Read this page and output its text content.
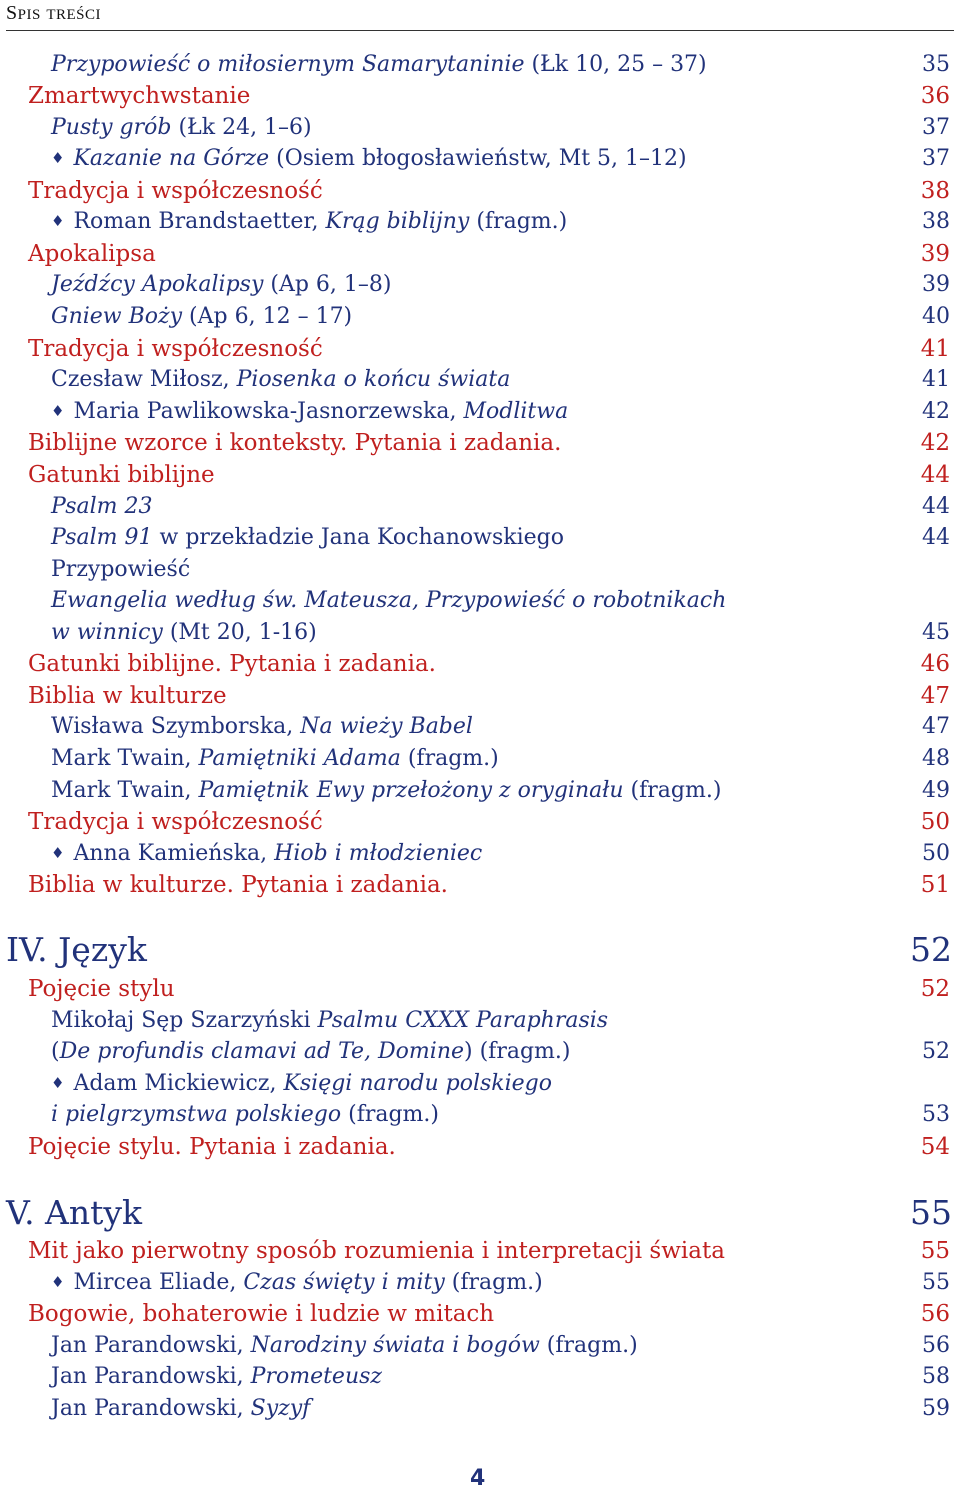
SPIS TREŚCI
Przypowieść o miłosiernym Samarytaninie (Łk 10, 25 – 37)	35
Zmartwychwstanie	36
Pusty grób (Łk 24, 1–6)	37
♦ Kazanie na Górze (Osiem błogosławieństw, Mt 5, 1–12)	37
Tradycja i współczesność	38
♦ Roman Brandstaetter, Krąg biblijny (fragm.)	38
Apokalipsa	39
Jeźdźcy Apokalipsy (Ap 6, 1–8)	39
Gniew Boży (Ap 6, 12 – 17)	40
Tradycja i współczesność	41
Czesław Miłosz, Piosenka o końcu świata	41
♦ Maria Pawlikowska-Jasnorzewska, Modlitwa	42
Biblijne wzorce i konteksty. Pytania i zadania.	42
Gatunki biblijne	44
Psalm 23	44
Psalm 91 w przekładzie Jana Kochanowskiego	44
Przypowieść
Ewangelia według św. Mateusza, Przypowieść o robotnikach
w winnicy (Mt 20, 1-16)	45
Gatunki biblijne. Pytania i zadania.	46
Biblia w kulturze	47
Wisława Szymborska, Na wieży Babel	47
Mark Twain, Pamiętniki Adama (fragm.)	48
Mark Twain, Pamiętnik Ewy przełożony z oryginału (fragm.)	49
Tradycja i współczesność	50
♦ Anna Kamieńska, Hiob i młodzieniec	50
Biblia w kulturze. Pytania i zadania.	51
IV. Język	52
Pojęcie stylu	52
Mikołaj Sęp Szarzyński Psalmu CXXX Paraphrasis
(De profundis clamavi ad Te, Domine) (fragm.)	52
♦ Adam Mickiewicz, Księgi narodu polskiego
i pielgrzymstwa polskiego (fragm.)	53
Pojęcie stylu. Pytania i zadania.	54
V. Antyk	55
Mit jako pierwotny sposób rozumienia i interpretacji świata	55
♦ Mircea Eliade, Czas święty i mity (fragm.)	55
Bogowie, bohaterowie i ludzie w mitach	56
Jan Parandowski, Narodziny świata i bogów (fragm.)	56
Jan Parandowski, Prometeusz	58
Jan Parandowski, Syzyf	59
4
